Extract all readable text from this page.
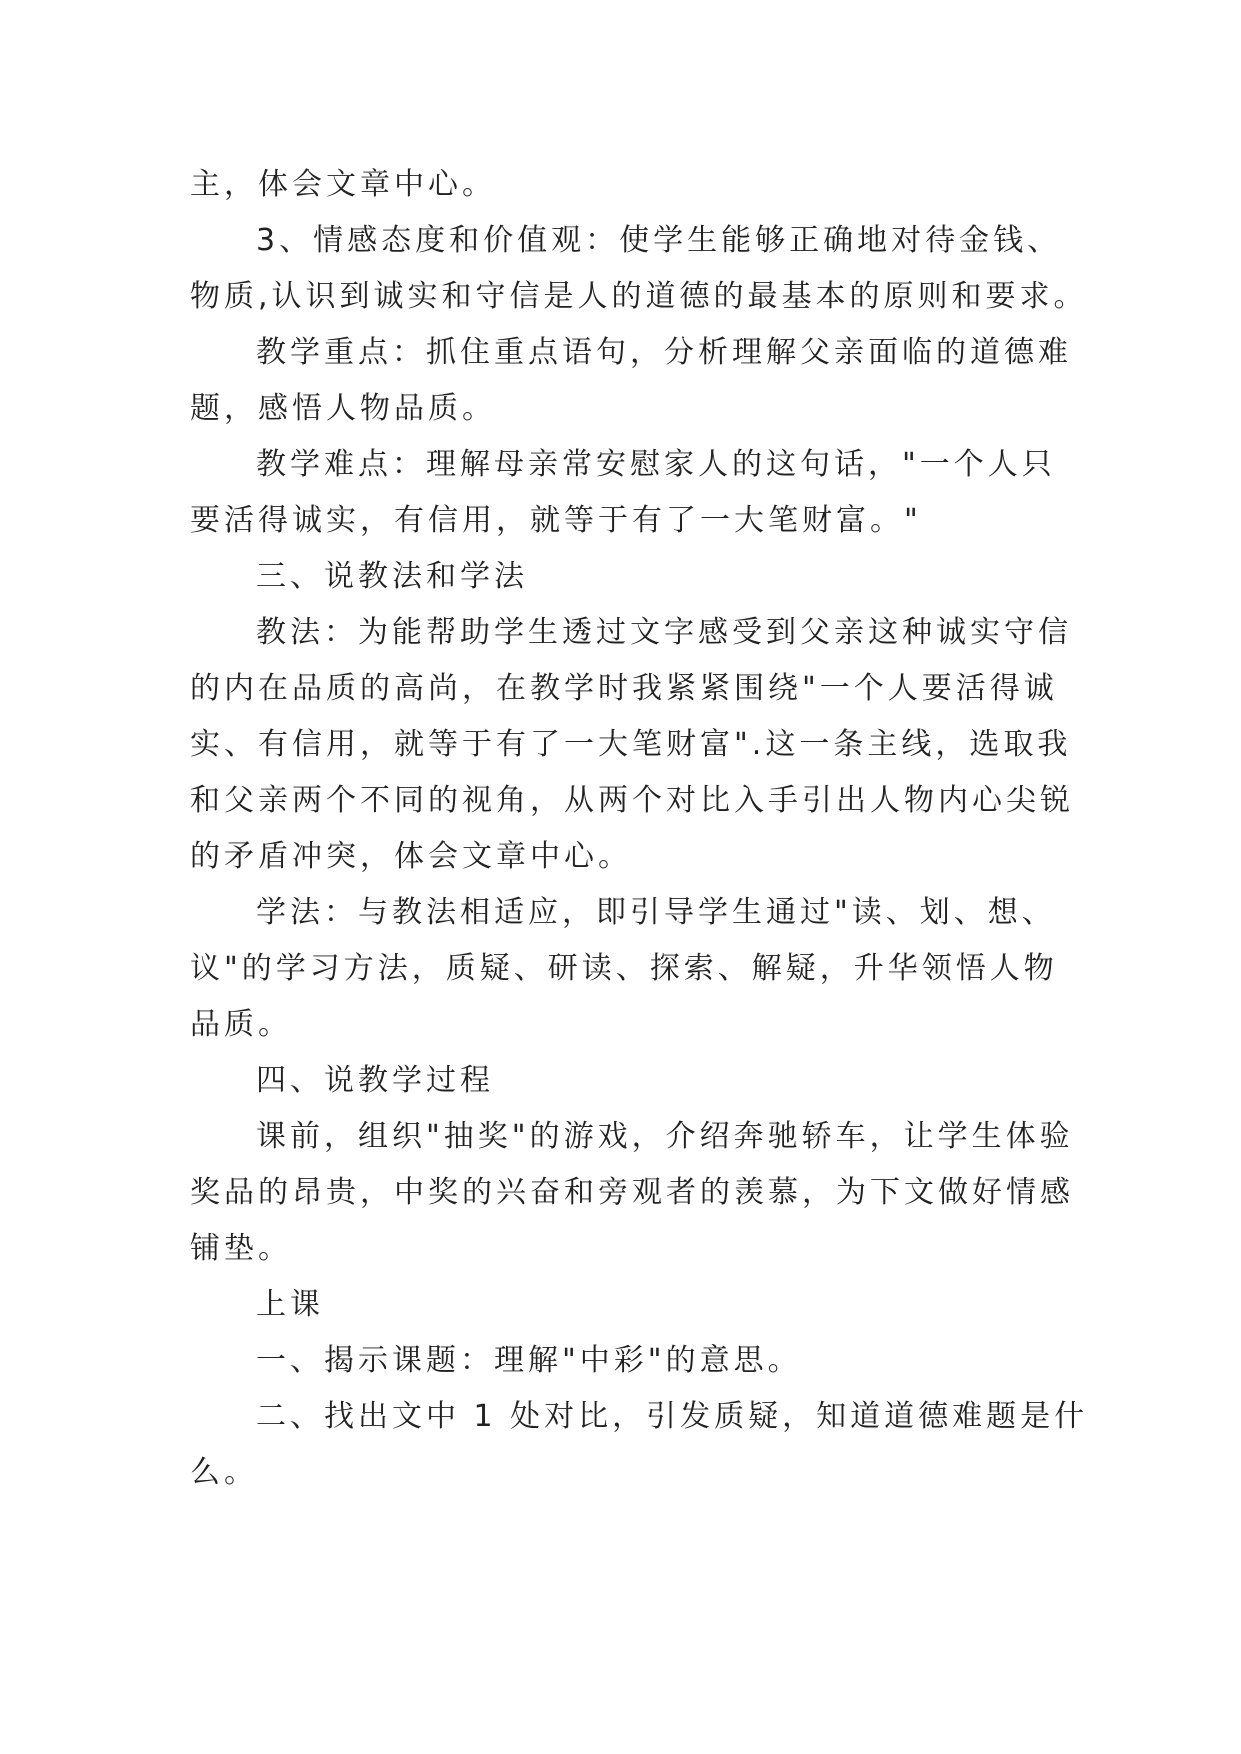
主，体会文章中心。
3、情感态度和价值观：使学生能够正确地对待金钱、
物质,认识到诚实和守信是人的道德的最基本的原则和要求。
教学重点：抓住重点语句，分析理解父亲面临的道德难
题，感悟人物品质。
教学难点：理解母亲常安慰家人的这句话，"一个人只
要活得诚实，有信用，就等于有了一大笔财富。"
三、说教法和学法
教法：为能帮助学生透过文字感受到父亲这种诚实守信
的内在品质的高尚，在教学时我紧紧围绕"一个人要活得诚
实、有信用，就等于有了一大笔财富".这一条主线，选取我
和父亲两个不同的视角，从两个对比入手引出人物内心尖锐
的矛盾冲突，体会文章中心。
学法：与教法相适应，即引导学生通过"读、划、想、
议"的学习方法，质疑、研读、探索、解疑，升华领悟人物
品质。
四、说教学过程
课前，组织"抽奖"的游戏，介绍奔驰轿车，让学生体验
奖品的昂贵，中奖的兴奋和旁观者的羡慕，为下文做好情感
铺垫。
上课
一、揭示课题：理解"中彩"的意思。
二、找出文中 1 处对比，引发质疑，知道道德难题是什
么。
